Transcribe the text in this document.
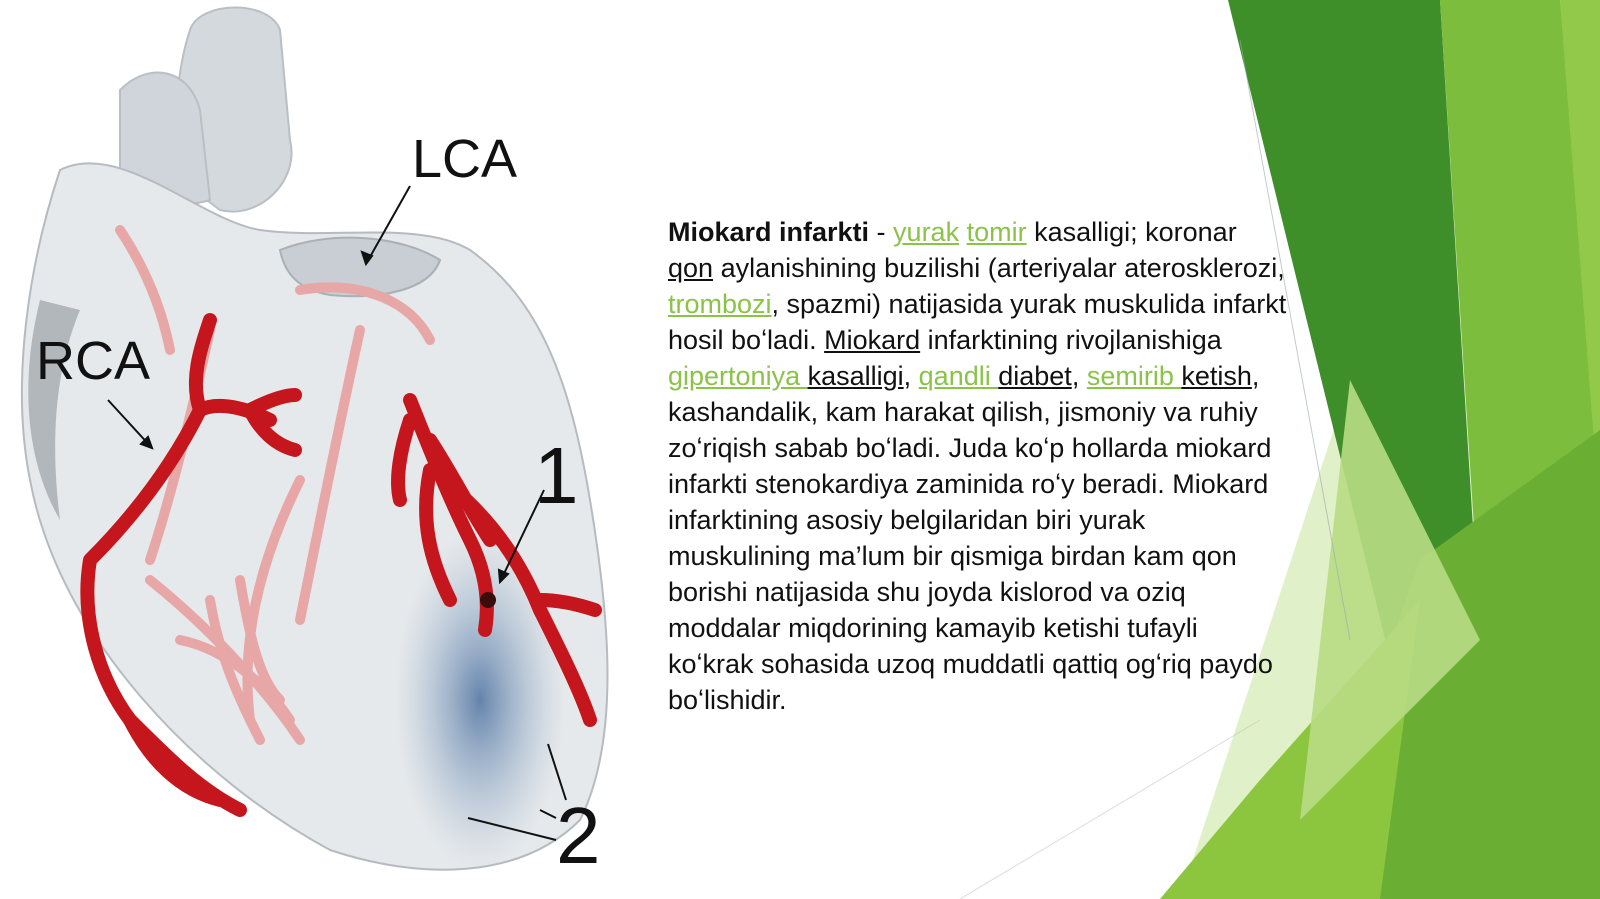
LCA
RCA
1
2
Miokard infarkti - yurak tomir kasalligi; koronar qon aylanishining buzilishi (arteriyalar aterosklerozi, trombozi, spazmi) natijasida yurak muskulida infarkt hosil boʻladi. Miokard infarktining rivojlanishiga gipertoniya kasalligi, qandli diabet, semirib ketish, kashandalik, kam harakat qilish, jismoniy va ruhiy zoʻriqish sabab boʻladi. Juda koʻp hollarda miokard infarkti stenokardiya zaminida roʻy beradi. Miokard infarktining asosiy belgilaridan biri yurak muskulining ma’lum bir qismiga birdan kam qon borishi natijasida shu joyda kislorod va oziq moddalar miqdorining kamayib ketishi tufayli koʻkrak sohasida uzoq muddatli qattiq ogʻriq paydo boʻlishidir.
